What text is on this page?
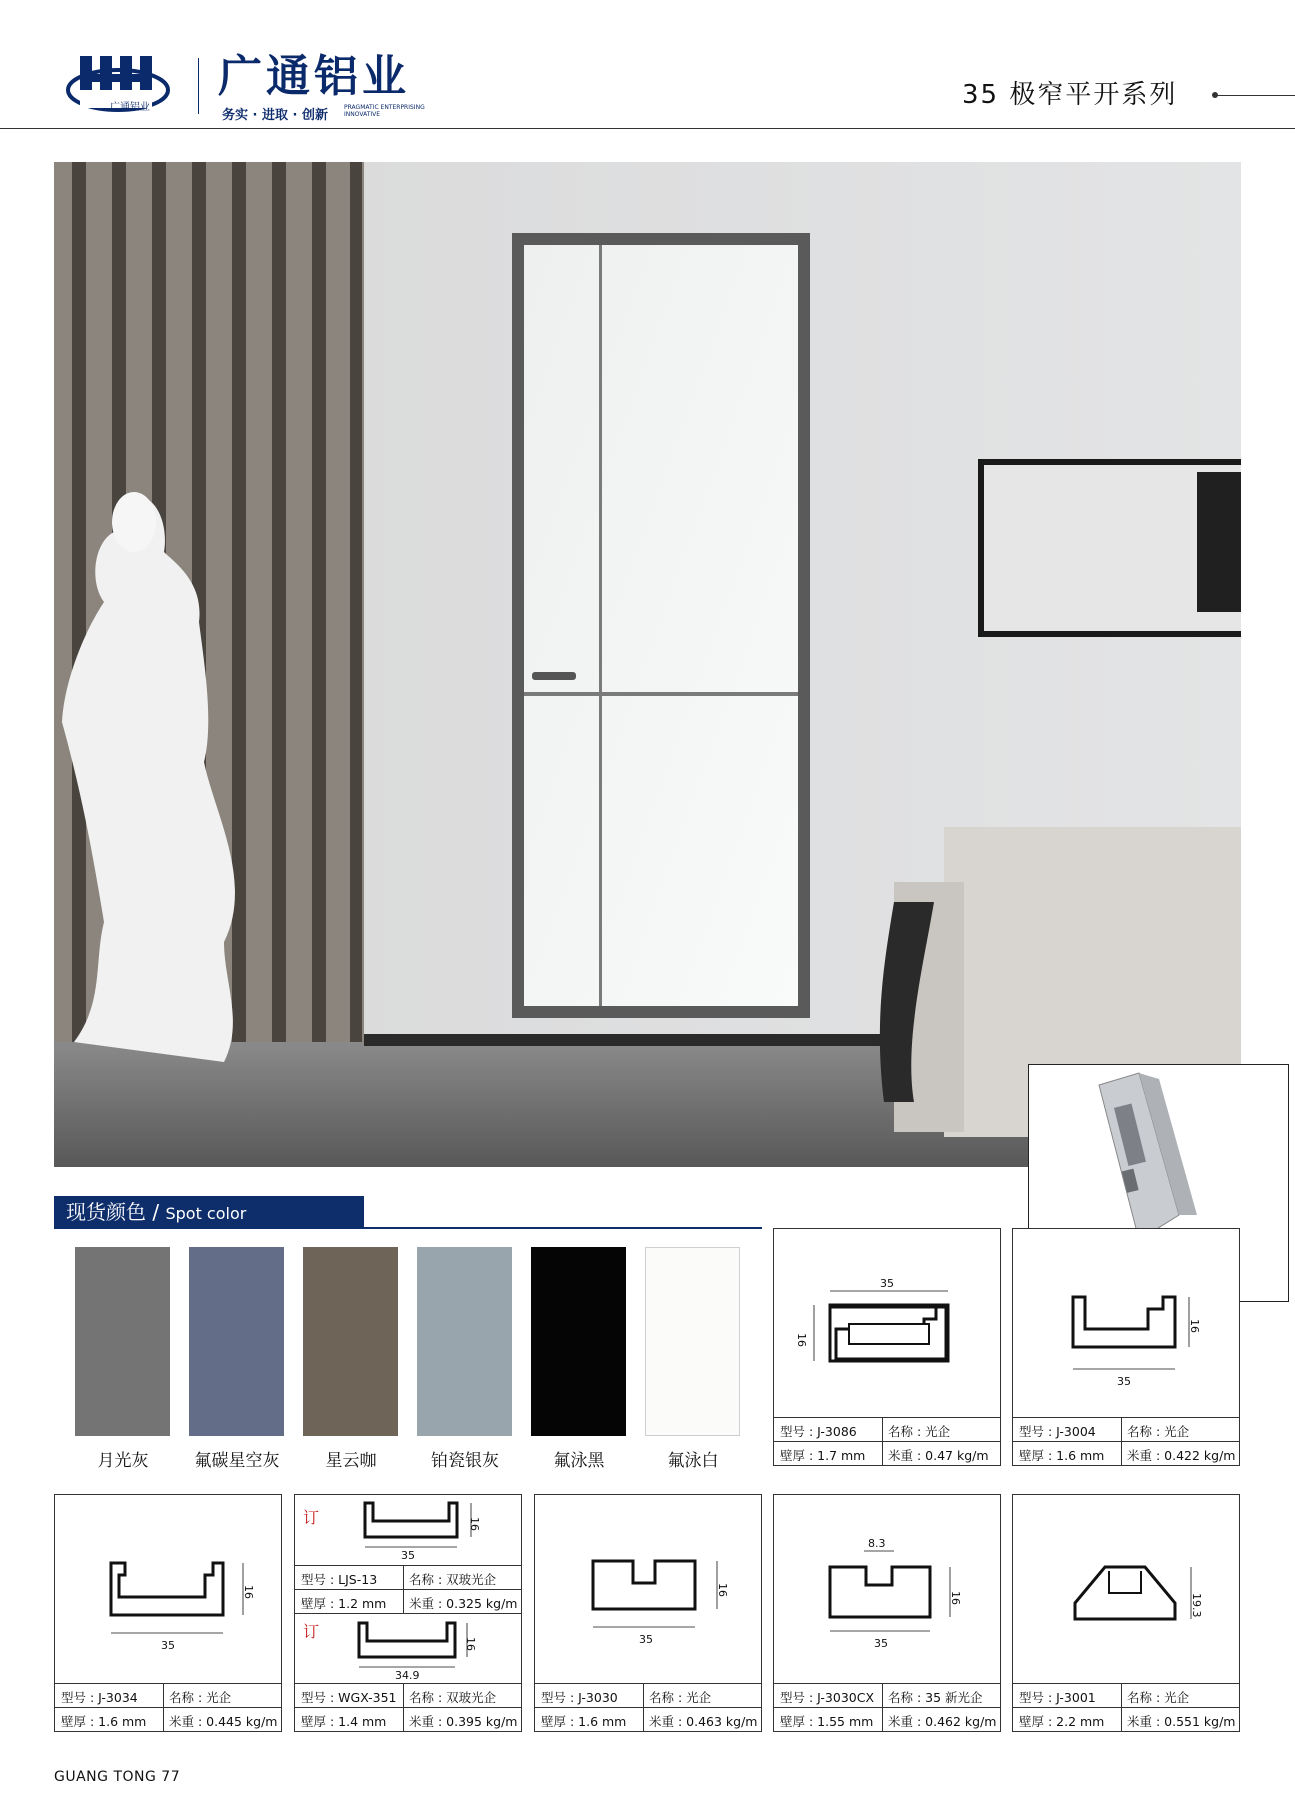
广通铝业
广通铝业
务实 · 进取 · 创新
PRAGMATIC ENTERPRISING INNOVATIVE
35 极窄平开系列
现货颜色 / Spot color
月光灰	氟碳星空灰	星云咖	铂瓷银灰	氟泳黑	氟泳白
35
16
型号 : J-3086	名称 : 光企
壁厚 : 1.7 mm 米重 : 0.47 kg/m
35
16
型号 : J-3004	名称 : 光企
壁厚 : 1.6 mm 米重 : 0.422 kg/m
35
16
型号 : J-3034	名称 : 光企
壁厚 : 1.6 mm 米重 : 0.445 kg/m
订
35
16
型号 : LJS-13	名称 : 双玻光企
壁厚 : 1.2 mm 米重 : 0.325 kg/m
订
34.9
16
型号 : WGX-351 名称 : 双玻光企
壁厚 : 1.4 mm 米重 : 0.395 kg/m
35
16
型号 : J-3030	名称 : 光企
壁厚 : 1.6 mm 米重 : 0.463 kg/m
8.3
35
16
型号 : J-3030CX 名称 : 35 新光企
壁厚 : 1.55 mm 米重 : 0.462 kg/m
19.3
型号 : J-3001	名称 : 光企
壁厚 : 2.2 mm 米重 : 0.551 kg/m
GUANG TONG 77
